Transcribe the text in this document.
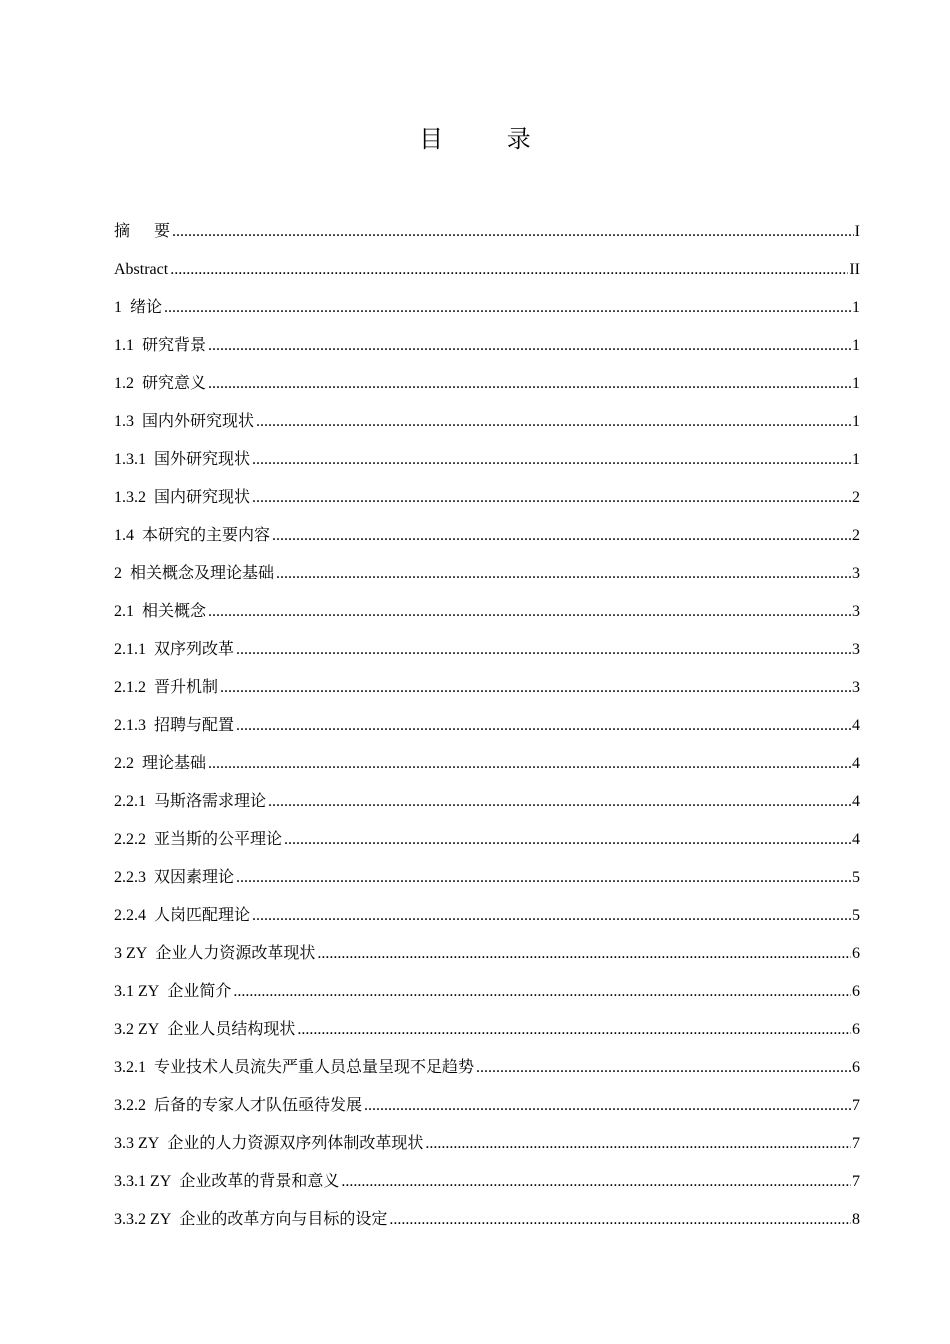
目 录
摘   要 .....	I
Abstract .....	II
1  绪论 .....	1
1.1  研究背景 .....	1
1.2  研究意义 .....	1
1.3  国内外研究现状 .....	1
1.3.1  国外研究现状 .....	1
1.3.2  国内研究现状 .....	2
1.4  本研究的主要内容 .....	2
2  相关概念及理论基础 .....	3
2.1  相关概念 .....	3
2.1.1  双序列改革 .....	3
2.1.2  晋升机制 .....	3
2.1.3  招聘与配置 .....	4
2.2  理论基础 .....	4
2.2.1  马斯洛需求理论 .....	4
2.2.2  亚当斯的公平理论 .....	4
2.2.3  双因素理论 .....	5
2.2.4  人岗匹配理论 .....	5
3 ZY  企业人力资源改革现状 .....	6
3.1 ZY  企业简介 .....	6
3.2 ZY  企业人员结构现状 .....	6
3.2.1  专业技术人员流失严重人员总量呈现不足趋势 .....	6
3.2.2  后备的专家人才队伍亟待发展 .....	7
3.3 ZY  企业的人力资源双序列体制改革现状 .....	7
3.3.1 ZY  企业改革的背景和意义 .....	7
3.3.2 ZY  企业的改革方向与目标的设定 .....	8
